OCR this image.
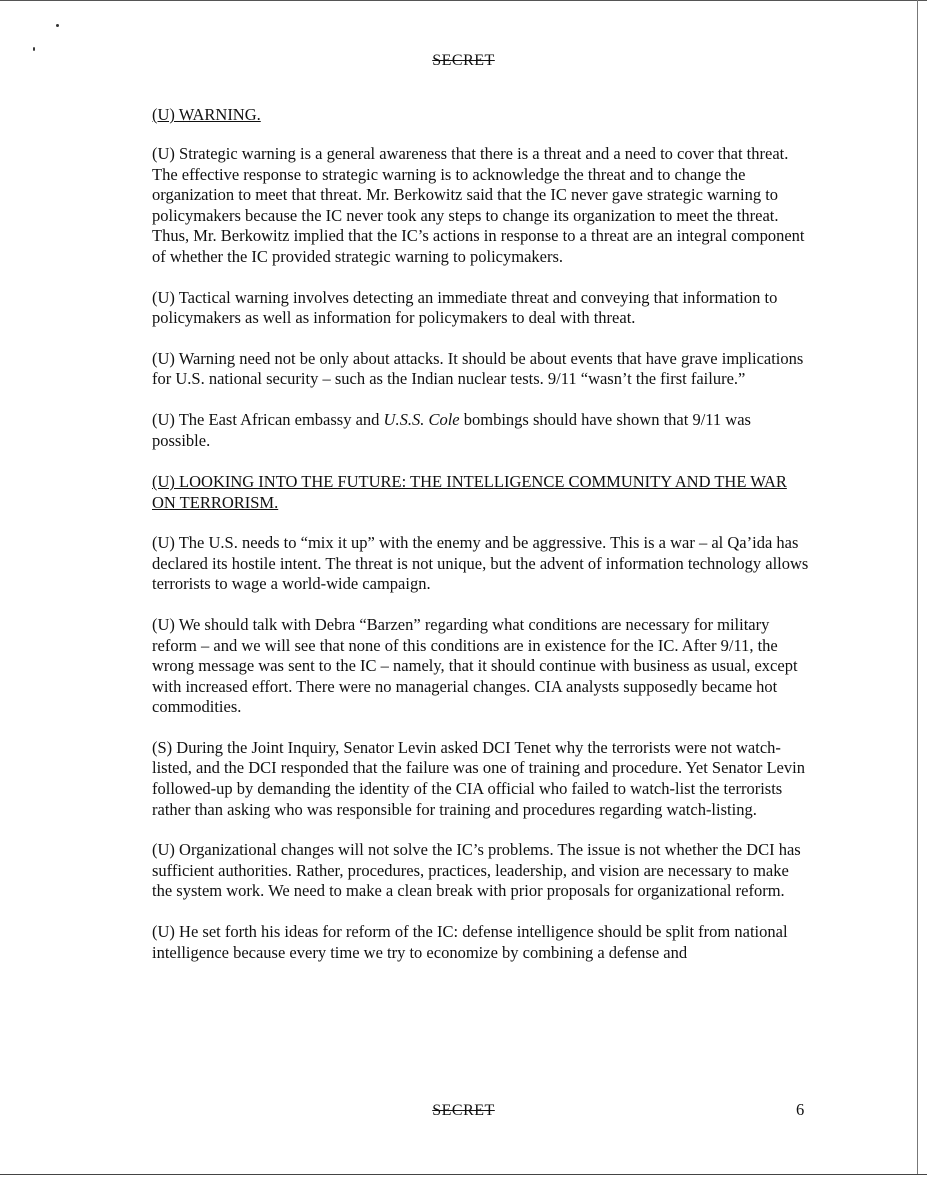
SECRET
(U) WARNING.

(U) Strategic warning is a general awareness that there is a threat and a need to cover that threat. The effective response to strategic warning is to acknowledge the threat and to change the organization to meet that threat. Mr. Berkowitz said that the IC never gave strategic warning to policymakers because the IC never took any steps to change its organization to meet the threat. Thus, Mr. Berkowitz implied that the IC’s actions in response to a threat are an integral component of whether the IC provided strategic warning to policymakers.

(U) Tactical warning involves detecting an immediate threat and conveying that information to policymakers as well as information for policymakers to deal with threat.

(U) Warning need not be only about attacks. It should be about events that have grave implications for U.S. national security – such as the Indian nuclear tests. 9/11 “wasn’t the first failure.”

(U) The East African embassy and U.S.S. Cole bombings should have shown that 9/11 was possible.

(U) LOOKING INTO THE FUTURE: THE INTELLIGENCE COMMUNITY AND THE WAR ON TERRORISM.

(U) The U.S. needs to “mix it up” with the enemy and be aggressive. This is a war – al Qa’ida has declared its hostile intent. The threat is not unique, but the advent of information technology allows terrorists to wage a world-wide campaign.

(U) We should talk with Debra “Barzen” regarding what conditions are necessary for military reform – and we will see that none of this conditions are in existence for the IC. After 9/11, the wrong message was sent to the IC – namely, that it should continue with business as usual, except with increased effort. There were no managerial changes. CIA analysts supposedly became hot commodities.

(S) During the Joint Inquiry, Senator Levin asked DCI Tenet why the terrorists were not watch-listed, and the DCI responded that the failure was one of training and procedure. Yet Senator Levin followed-up by demanding the identity of the CIA official who failed to watch-list the terrorists rather than asking who was responsible for training and procedures regarding watch-listing.

(U) Organizational changes will not solve the IC’s problems. The issue is not whether the DCI has sufficient authorities. Rather, procedures, practices, leadership, and vision are necessary to make the system work. We need to make a clean break with prior proposals for organizational reform.

(U) He set forth his ideas for reform of the IC: defense intelligence should be split from national intelligence because every time we try to economize by combining a defense and

SECRET	6
